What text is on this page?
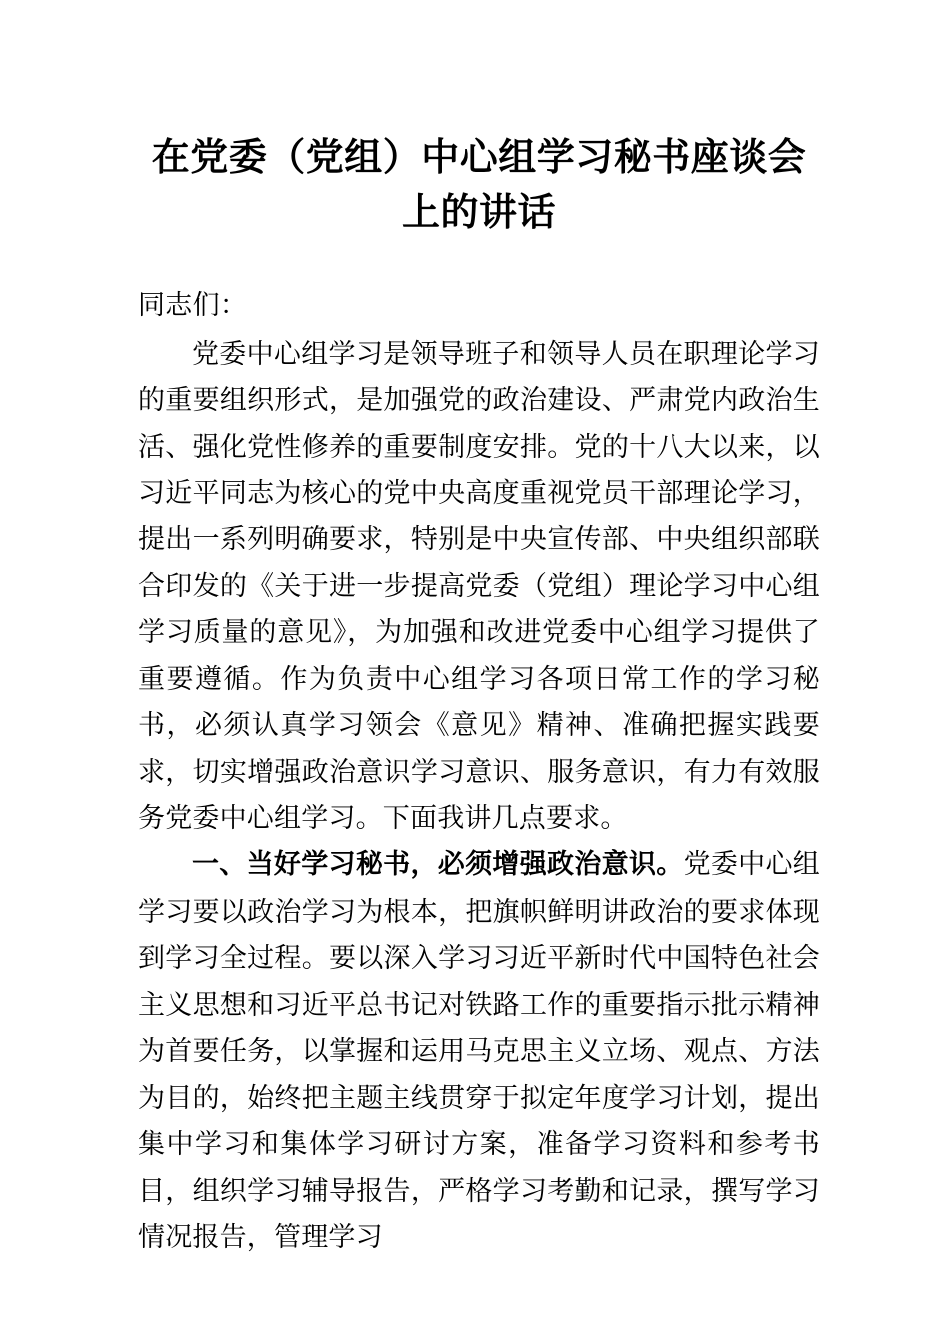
在党委（党组）中心组学习秘书座谈会上的讲话
同志们：

党委中心组学习是领导班子和领导人员在职理论学习的重要组织形式，是加强党的政治建设、严肃党内政治生活、强化党性修养的重要制度安排。党的十八大以来，以习近平同志为核心的党中央高度重视党员干部理论学习，提出一系列明确要求，特别是中央宣传部、中央组织部联合印发的《关于进一步提高党委（党组）理论学习中心组学习质量的意见》，为加强和改进党委中心组学习提供了重要遵循。作为负责中心组学习各项日常工作的学习秘书，必须认真学习领会《意见》精神、准确把握实践要求，切实增强政治意识学习意识、服务意识，有力有效服务党委中心组学习。下面我讲几点要求。

一、当好学习秘书，必须增强政治意识。党委中心组学习要以政治学习为根本，把旗帜鲜明讲政治的要求体现到学习全过程。要以深入学习习近平新时代中国特色社会主义思想和习近平总书记对铁路工作的重要指示批示精神为首要任务，以掌握和运用马克思主义立场、观点、方法为目的，始终把主题主线贯穿于拟定年度学习计划，提出集中学习和集体学习研讨方案，准备学习资料和参考书目，组织学习辅导报告，严格学习考勤和记录，撰写学习情况报告，管理学习
